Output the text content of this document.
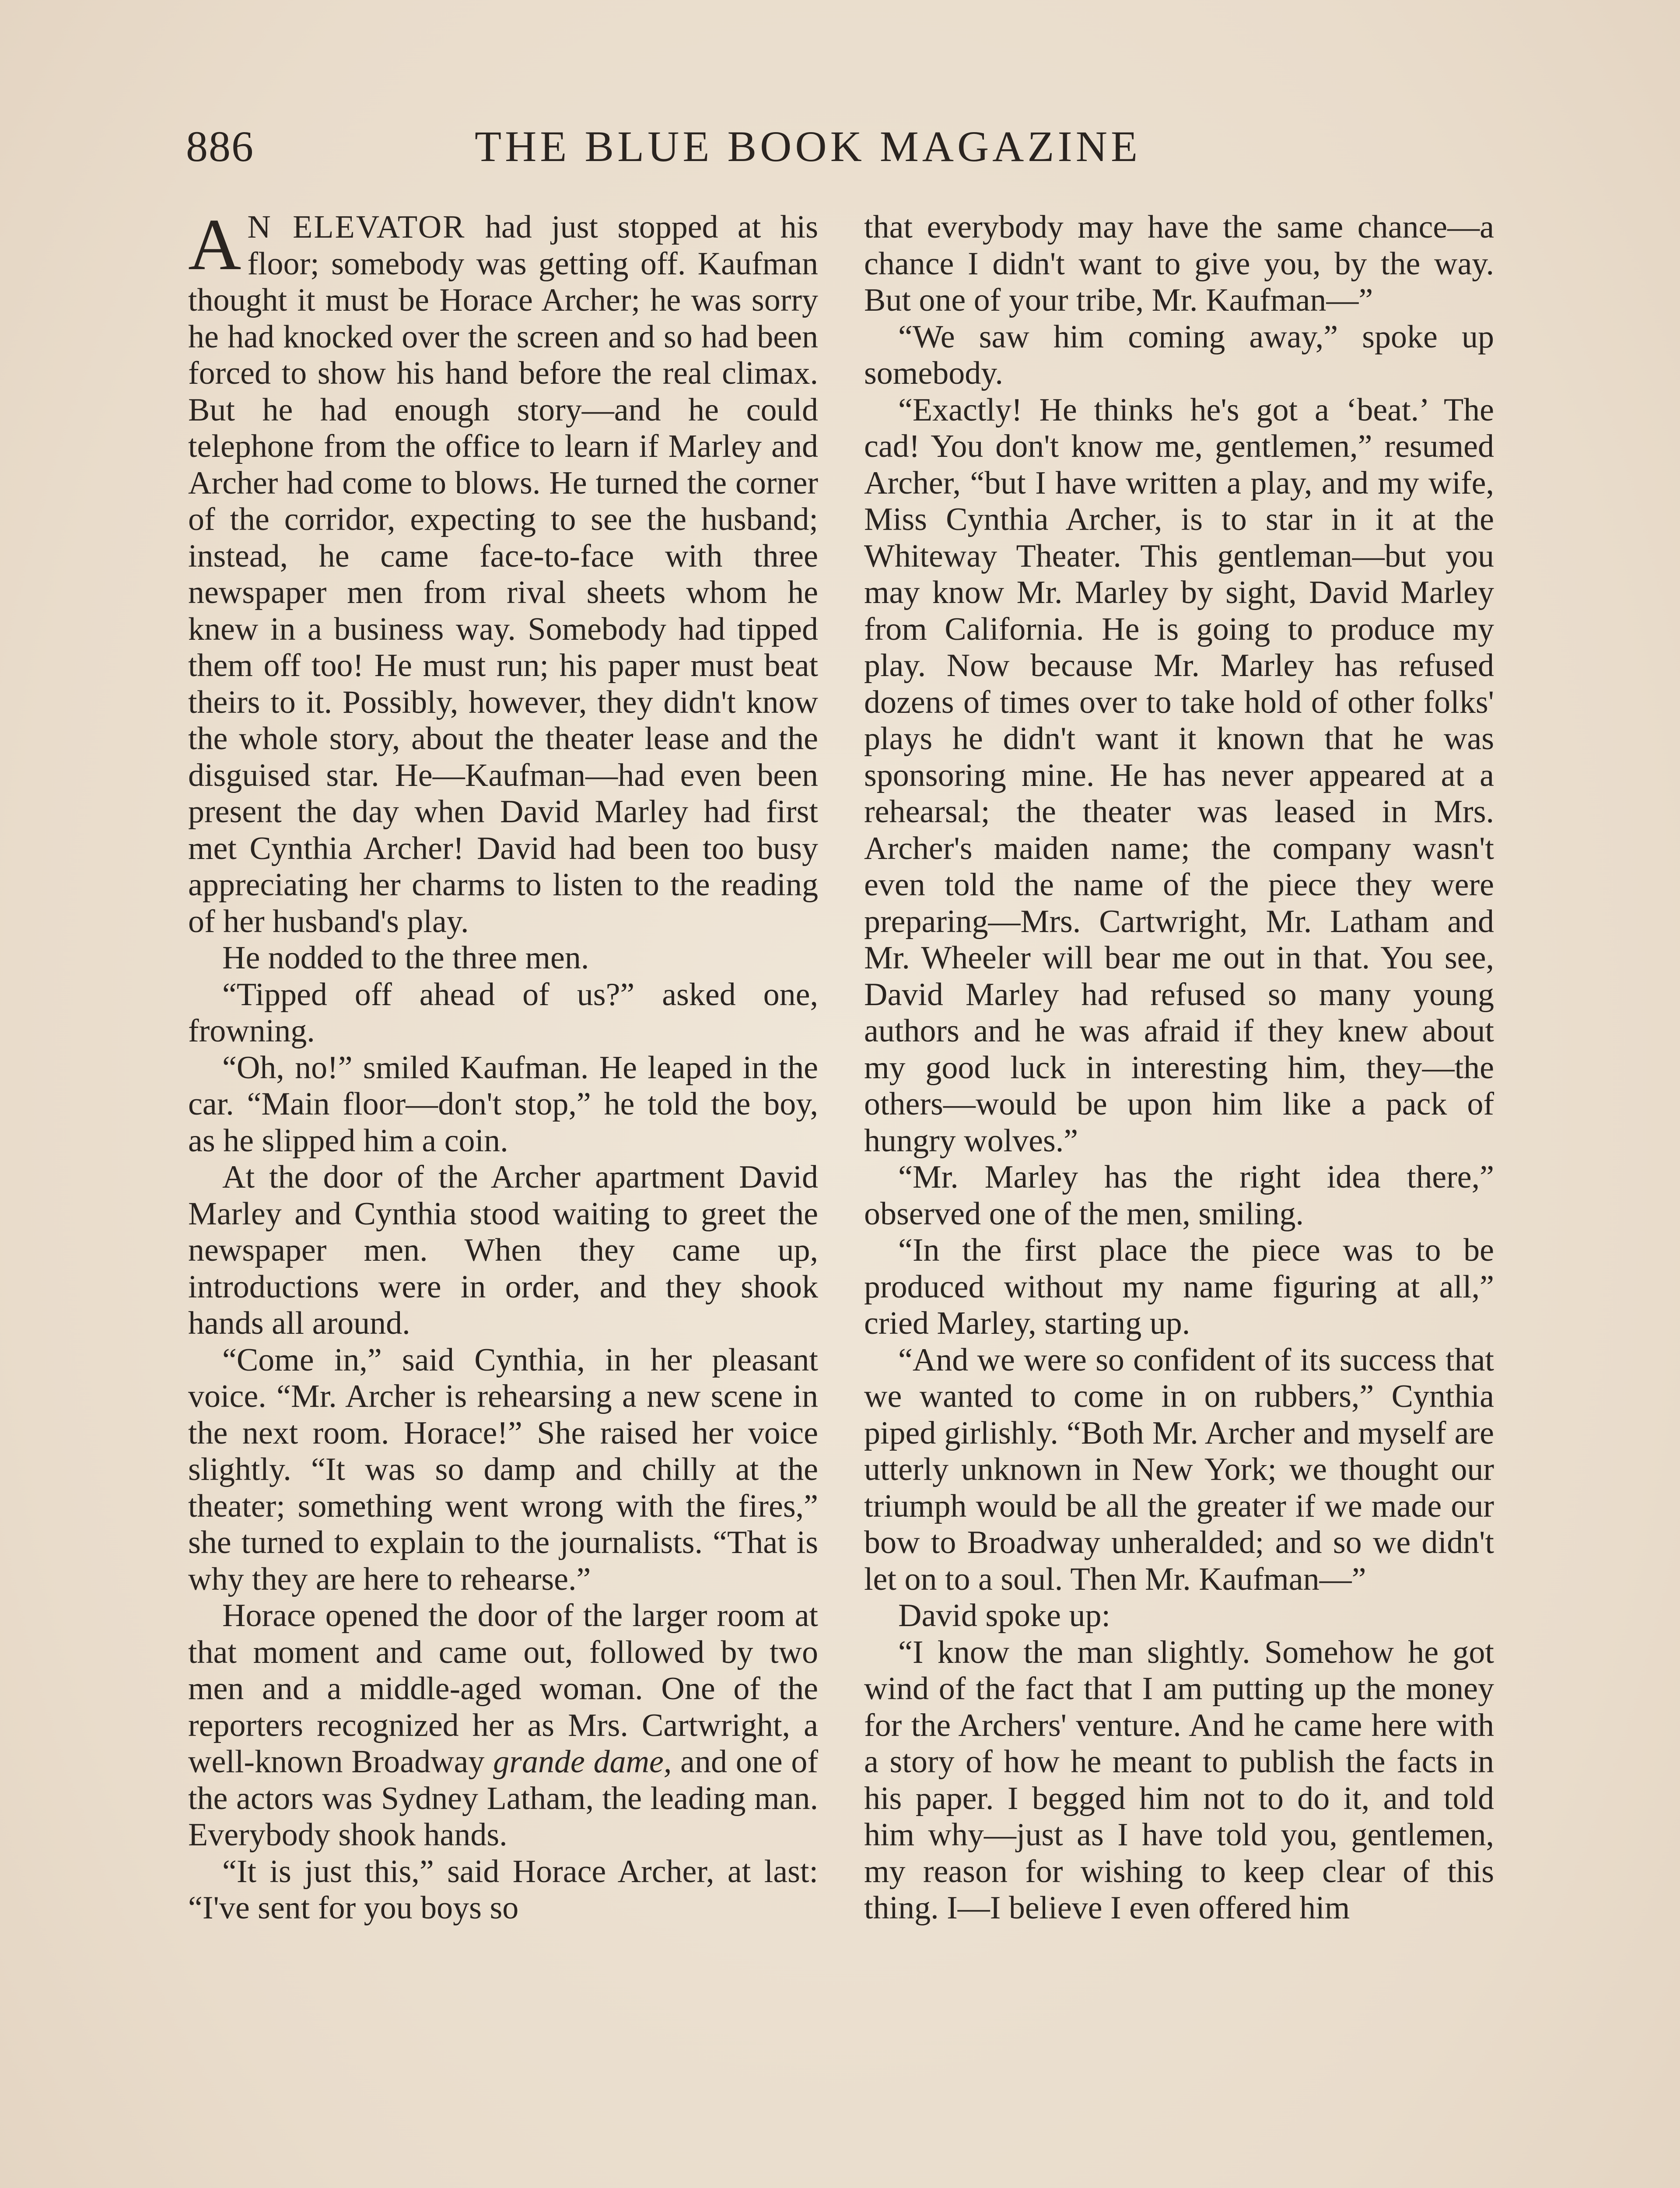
886	THE BLUE BOOK MAGAZINE

A N ELEVATOR had just stopped at his floor; somebody was getting off. Kaufman thought it must be Horace Archer; he was sorry he had knocked over the screen and so had been forced to show his hand before the real climax. But he had enough story—and he could telephone from the office to learn if Marley and Archer had come to blows. He turned the corner of the corridor, expecting to see the husband; instead, he came face-to-face with three newspaper men from rival sheets whom he knew in a business way. Somebody had tipped them off too! He must run; his paper must beat theirs to it. Possibly, however, they didn't know the whole story, about the theater lease and the disguised star. He—Kaufman—had even been present the day when David Marley had first met Cynthia Archer! David had been too busy appreciating her charms to listen to the reading of her husband's play.

He nodded to the three men.

“Tipped off ahead of us?” asked one, frowning.

“Oh, no!” smiled Kaufman. He leaped in the car. “Main floor—don't stop,” he told the boy, as he slipped him a coin.

At the door of the Archer apartment David Marley and Cynthia stood waiting to greet the newspaper men. When they came up, introductions were in order, and they shook hands all around.

“Come in,” said Cynthia, in her pleasant voice. “Mr. Archer is rehearsing a new scene in the next room. Horace!” She raised her voice slightly. “It was so damp and chilly at the theater; something went wrong with the fires,” she turned to explain to the journalists. “That is why they are here to rehearse.”

Horace opened the door of the larger room at that moment and came out, followed by two men and a middle-aged woman. One of the reporters recognized her as Mrs. Cartwright, a well-known Broadway grande dame, and one of the actors was Sydney Latham, the leading man. Everybody shook hands.

“It is just this,” said Horace Archer, at last: “I've sent for you boys so

that everybody may have the same chance—a chance I didn't want to give you, by the way. But one of your tribe, Mr. Kaufman—”

“We saw him coming away,” spoke up somebody.

“Exactly! He thinks he's got a ‘beat.’ The cad! You don't know me, gentlemen,” resumed Archer, “but I have written a play, and my wife, Miss Cynthia Archer, is to star in it at the Whiteway Theater. This gentleman—but you may know Mr. Marley by sight, David Marley from California. He is going to produce my play. Now because Mr. Marley has refused dozens of times over to take hold of other folks' plays he didn't want it known that he was sponsoring mine. He has never appeared at a rehearsal; the theater was leased in Mrs. Archer's maiden name; the company wasn't even told the name of the piece they were preparing—Mrs. Cartwright, Mr. Latham and Mr. Wheeler will bear me out in that. You see, David Marley had refused so many young authors and he was afraid if they knew about my good luck in interesting him, they—the others—would be upon him like a pack of hungry wolves.”

“Mr. Marley has the right idea there,” observed one of the men, smiling.

“In the first place the piece was to be produced without my name figuring at all,” cried Marley, starting up.

“And we were so confident of its success that we wanted to come in on rubbers,” Cynthia piped girlishly. “Both Mr. Archer and myself are utterly unknown in New York; we thought our triumph would be all the greater if we made our bow to Broadway unheralded; and so we didn't let on to a soul. Then Mr. Kaufman—”

David spoke up:

“I know the man slightly. Somehow he got wind of the fact that I am putting up the money for the Archers' venture. And he came here with a story of how he meant to publish the facts in his paper. I begged him not to do it, and told him why—just as I have told you, gentlemen, my reason for wishing to keep clear of this thing. I—I believe I even offered him
